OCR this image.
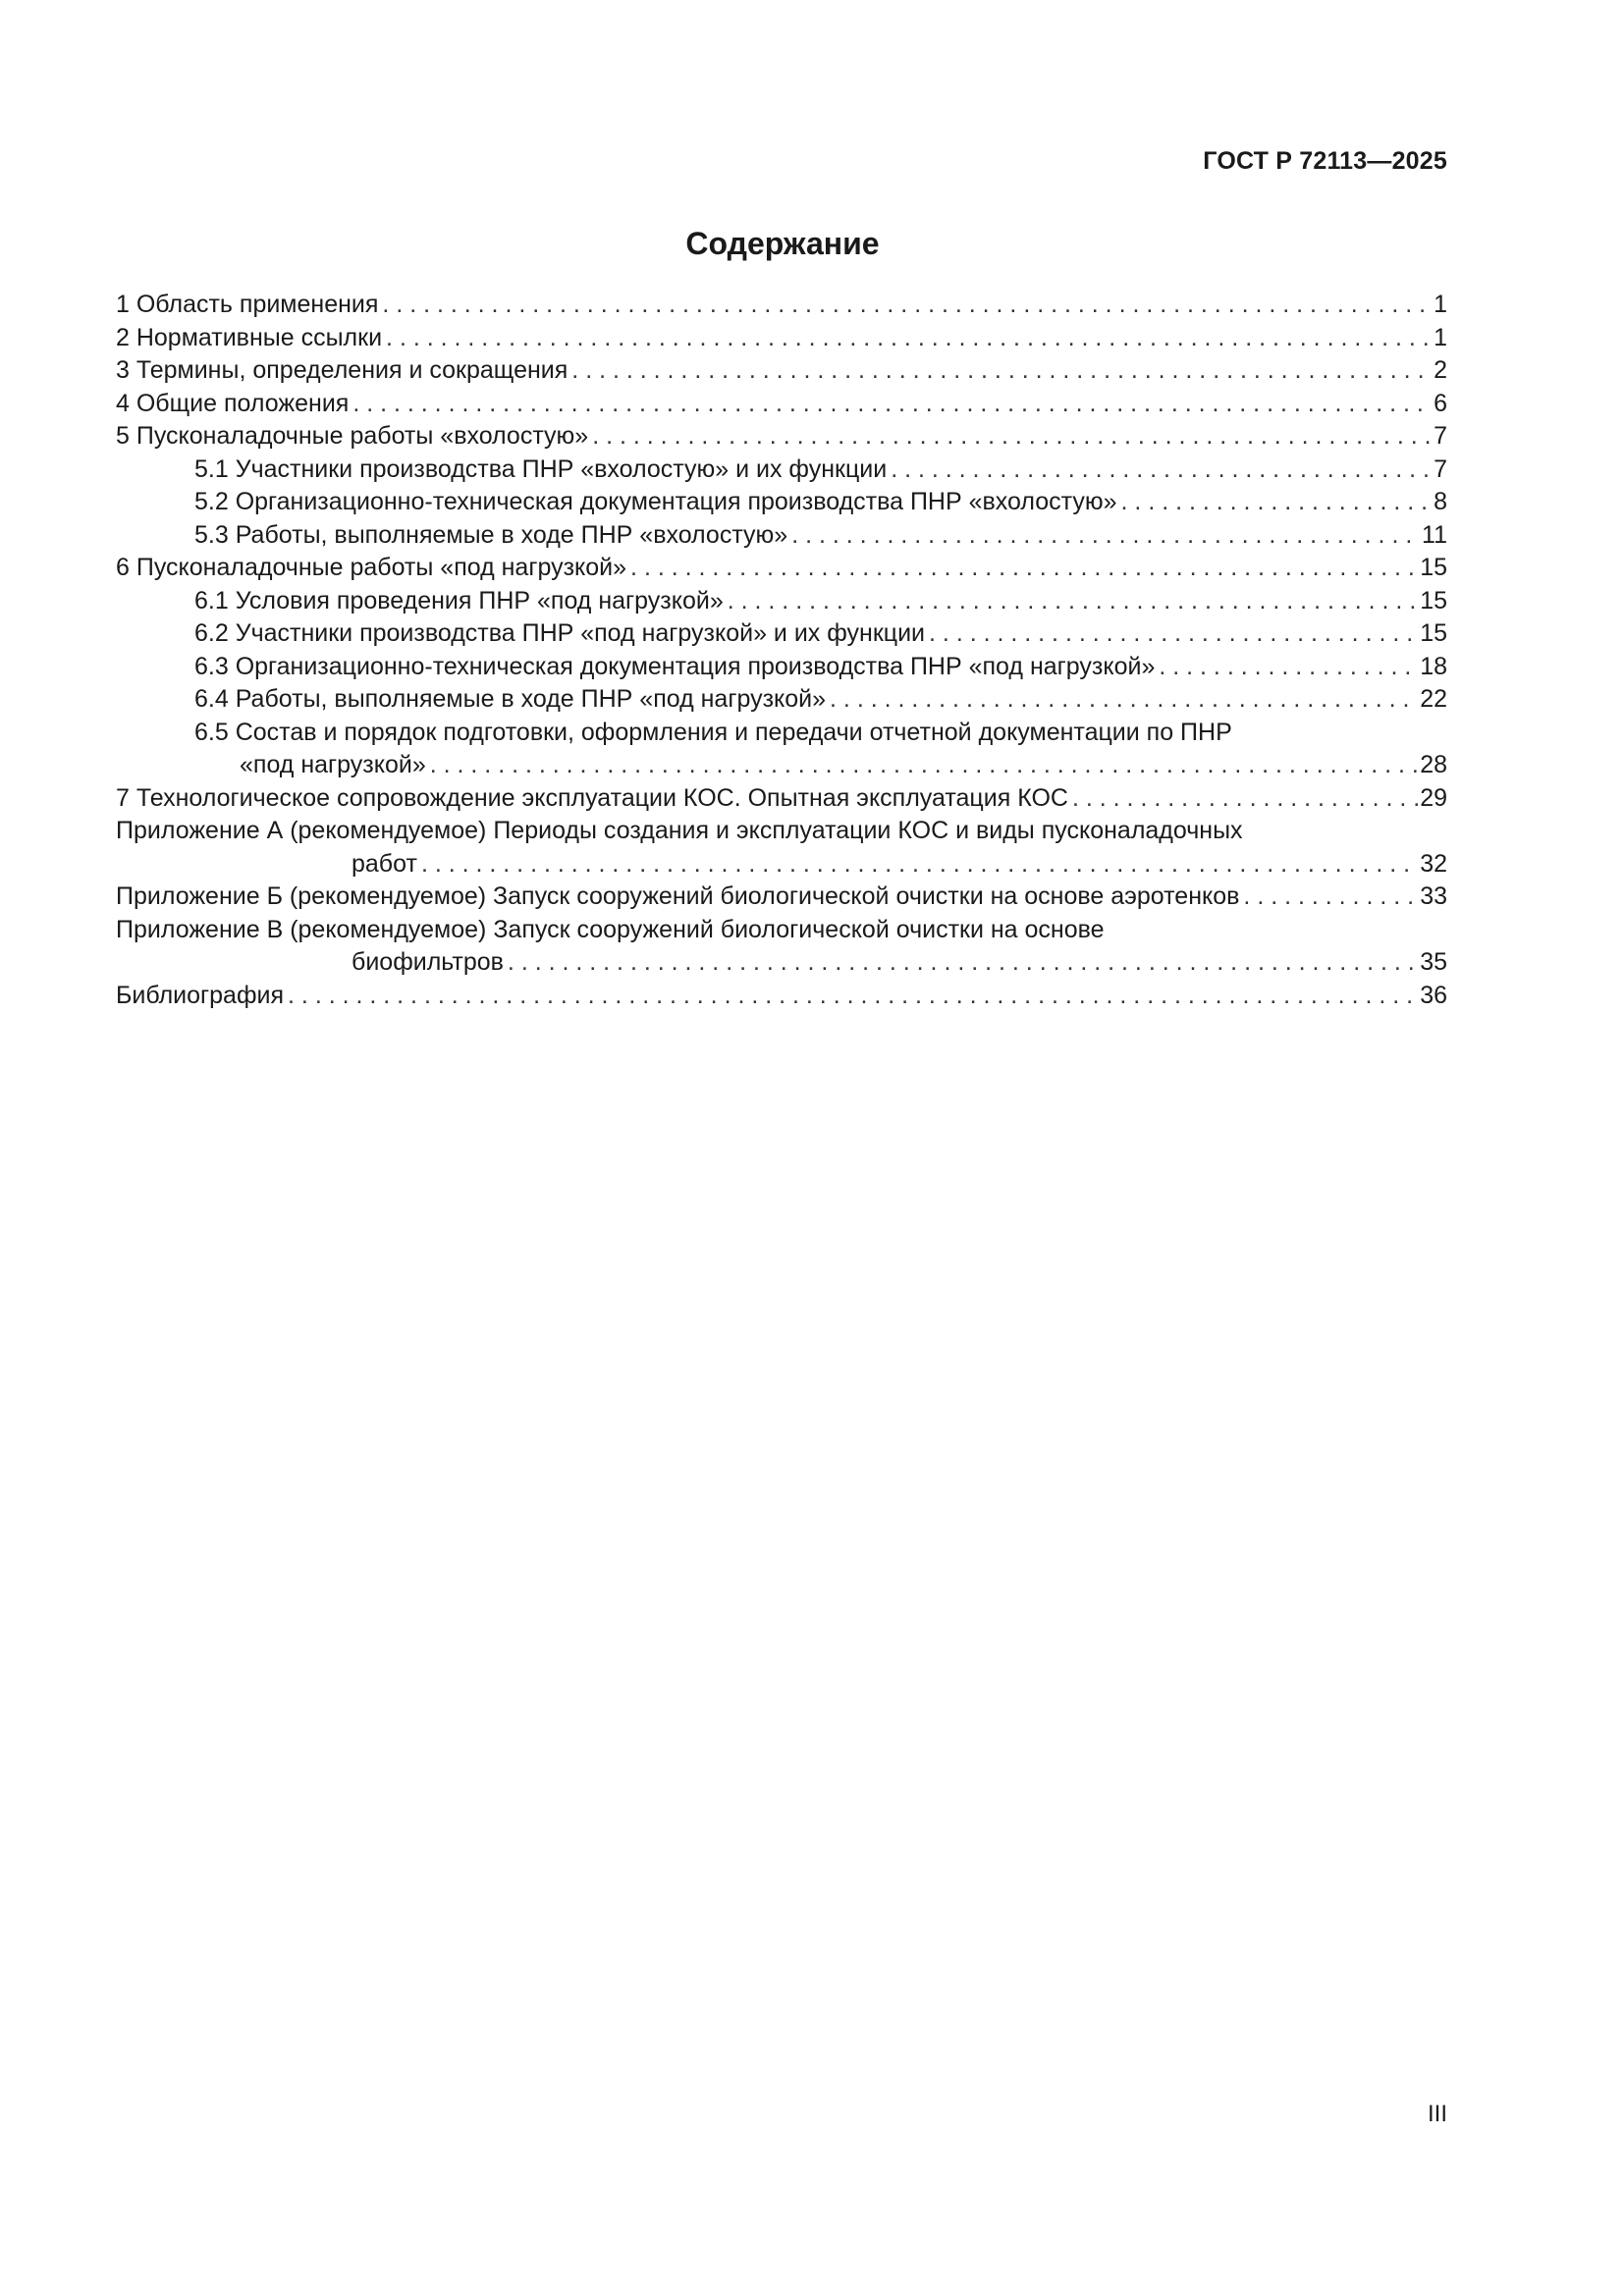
ГОСТ Р 72113—2025
Содержание
1 Область применения . . .	1
2 Нормативные ссылки . . .	1
3 Термины, определения и сокращения . . .	2
4 Общие положения . . .	6
5 Пусконаладочные работы «вхолостую» . . .	7
5.1 Участники производства ПНР «вхолостую» и их функции . . .	7
5.2 Организационно-техническая документация производства ПНР «вхолостую» . . .	8
5.3 Работы, выполняемые в ходе ПНР «вхолостую» . . .	11
6 Пусконаладочные работы «под нагрузкой» . . .	15
6.1 Условия проведения ПНР «под нагрузкой» . . .	15
6.2 Участники производства ПНР «под нагрузкой» и их функции . . .	15
6.3 Организационно-техническая документация производства ПНР «под нагрузкой» . . .	18
6.4 Работы, выполняемые в ходе ПНР «под нагрузкой» . . .	22
6.5 Состав и порядок подготовки, оформления и передачи отчетной документации по ПНР
«под нагрузкой» . . .	28
7 Технологическое сопровождение эксплуатации КОС. Опытная эксплуатация КОС . . .	29
Приложение А (рекомендуемое) Периоды создания и эксплуатации КОС и виды пусконаладочных
работ . . .	32
Приложение Б (рекомендуемое) Запуск сооружений биологической очистки на основе аэротенков . . .	33
Приложение В (рекомендуемое) Запуск сооружений биологической очистки на основе
биофильтров . . .	35
Библиография . . .	36
III
